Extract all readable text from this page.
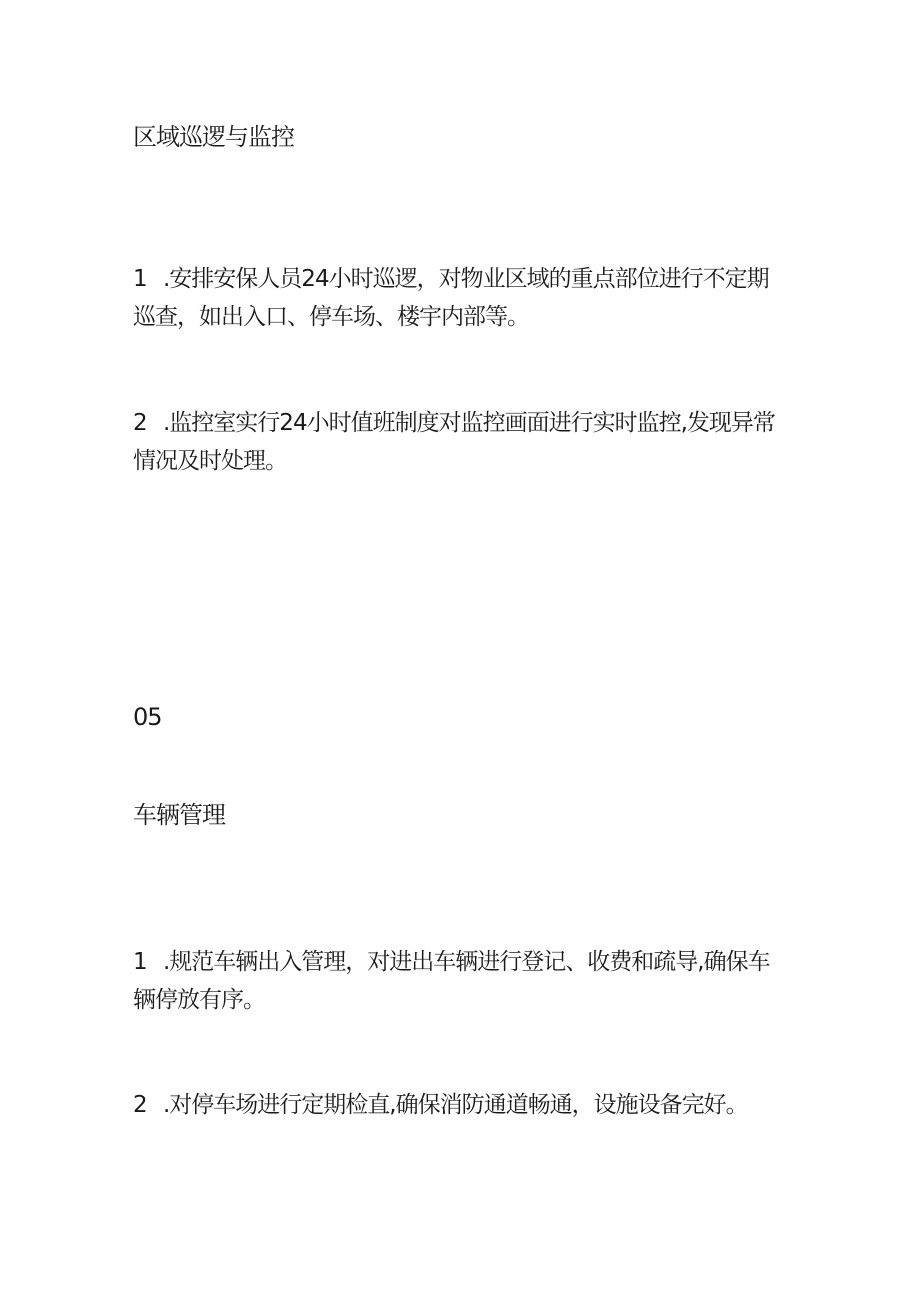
区域巡逻与监控
1 .安排安保人员24小时巡逻，对物业区域的重点部位进行不定期巡查，如出入口、停车场、楼宇内部等。
2 .监控室实行24小时值班制度对监控画面进行实时监控,发现异常情况及时处理。
05
车辆管理
1 .规范车辆出入管理，对进出车辆进行登记、收费和疏导,确保车辆停放有序。
2 .对停车场进行定期检直,确保消防通道畅通，设施设备完好。
